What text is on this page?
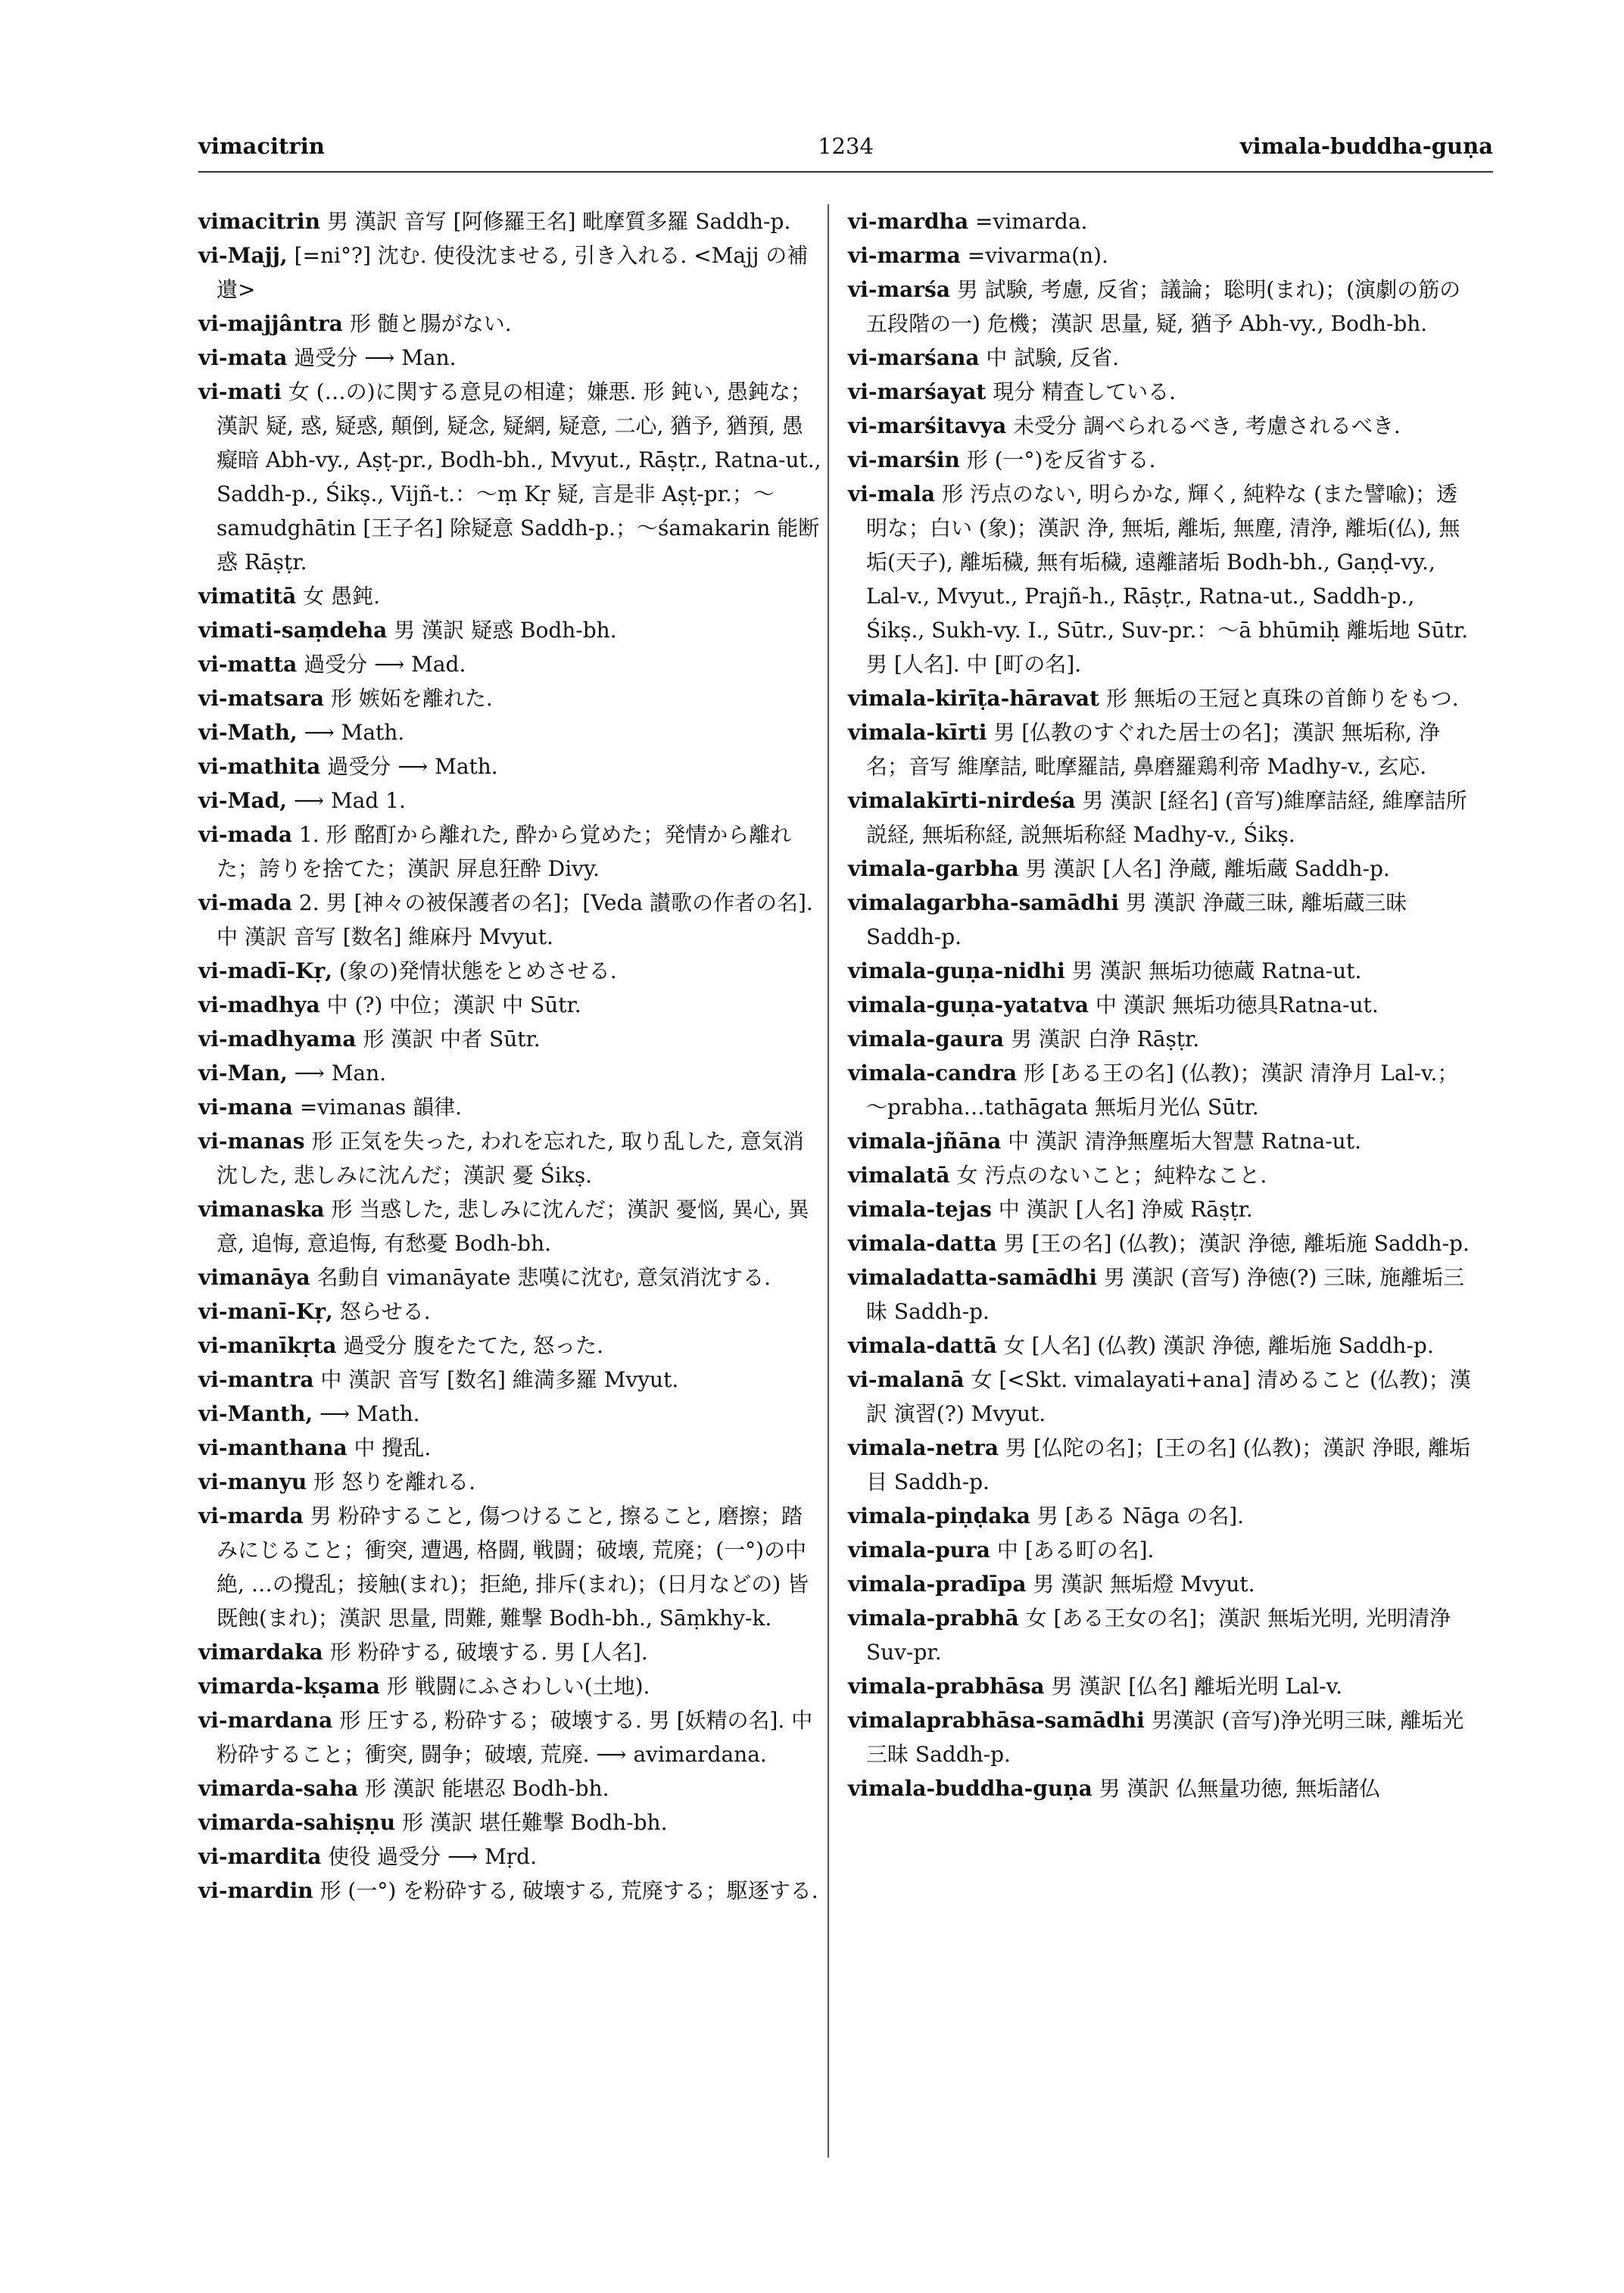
vimacitrin	1234	vimala-buddha-guṇa
vimacitrin 男 漢訳 音写 [阿修羅王名] 毗摩質多羅 Saddh-p.
vi-Majj, [=ni°?] 沈む. 使役沈ませる, 引き入れる. <Majj の補遺>
vi-majjântra 形 髄と腸がない.
vi-mata 過受分 ⟶ Man.
vi-mati 女 (…の)に関する意見の相違；嫌悪. 形 鈍い, 愚鈍な；漢訳 疑, 惑, 疑惑, 顛倒, 疑念, 疑網, 疑意, 二心, 猶予, 猶預, 愚癡暗 Abh-vy., Aṣṭ-pr., Bodh-bh., Mvyut., Rāṣṭr., Ratna-ut., Saddh-p., Śikṣ., Vijñ-t.：～ṃ Kṛ 疑, 言是非 Aṣṭ-pr.；～samudghātin [王子名] 除疑意 Saddh-p.；～śamakarin 能断惑 Rāṣṭr.
vimatitā 女 愚鈍.
vimati-saṃdeha 男 漢訳 疑惑 Bodh-bh.
vi-matta 過受分 ⟶ Mad.
vi-matsara 形 嫉妬を離れた.
vi-Math, ⟶ Math.
vi-mathita 過受分 ⟶ Math.
vi-Mad, ⟶ Mad 1.
vi-mada 1. 形 酩酊から離れた, 酔から覚めた；発情から離れた；誇りを捨てた；漢訳 屏息狂酔 Divy.
vi-mada 2. 男 [神々の被保護者の名]；[Veda 讃歌の作者の名]. 中 漢訳 音写 [数名] 維麻丹 Mvyut.
vi-madī-Kṛ, (象の)発情状態をとめさせる.
vi-madhya 中 (?) 中位；漢訳 中 Sūtr.
vi-madhyama 形 漢訳 中者 Sūtr.
vi-Man, ⟶ Man.
vi-mana =vimanas 韻律.
vi-manas 形 正気を失った, われを忘れた, 取り乱した, 意気消沈した, 悲しみに沈んだ；漢訳 憂 Śikṣ.
vimanaska 形 当惑した, 悲しみに沈んだ；漢訳 憂悩, 異心, 異意, 追悔, 意追悔, 有愁憂 Bodh-bh.
vimanāya 名動自 vimanāyate 悲嘆に沈む, 意気消沈する.
vi-manī-Kṛ, 怒らせる.
vi-manīkṛta 過受分 腹をたてた, 怒った.
vi-mantra 中 漢訳 音写 [数名] 維満多羅 Mvyut.
vi-Manth, ⟶ Math.
vi-manthana 中 攪乱.
vi-manyu 形 怒りを離れる.
vi-marda 男 粉砕すること, 傷つけること, 擦ること, 磨擦；踏みにじること；衝突, 遭遇, 格闘, 戦闘；破壊, 荒廃；(一°)の中絶, …の攪乱；接触(まれ)；拒絶, 排斥(まれ)；(日月などの) 皆既蝕(まれ)；漢訳 思量, 問難, 難撃 Bodh-bh., Sāṃkhy-k.
vimardaka 形 粉砕する, 破壊する. 男 [人名].
vimarda-kṣama 形 戦闘にふさわしい(土地).
vi-mardana 形 圧する, 粉砕する；破壊する. 男 [妖精の名]. 中 粉砕すること；衝突, 闘争；破壊, 荒廃. ⟶ avimardana.
vimarda-saha 形 漢訳 能堪忍 Bodh-bh.
vimarda-sahiṣṇu 形 漢訳 堪任難撃 Bodh-bh.
vi-mardita 使役 過受分 ⟶ Mṛd.
vi-mardin 形 (一°) を粉砕する, 破壊する, 荒廃する；駆逐する.
vi-mardha =vimarda.
vi-marma =vivarma(n).
vi-marśa 男 試験, 考慮, 反省；議論；聡明(まれ)；(演劇の筋の五段階の一) 危機；漢訳 思量, 疑, 猶予 Abh-vy., Bodh-bh.
vi-marśana 中 試験, 反省.
vi-marśayat 現分 精査している.
vi-marśitavya 未受分 調べられるべき, 考慮されるべき.
vi-marśin 形 (一°)を反省する.
vi-mala 形 汚点のない, 明らかな, 輝く, 純粋な (また譬喩)；透明な；白い (象)；漢訳 浄, 無垢, 離垢, 無塵, 清浄, 離垢(仏), 無垢(天子), 離垢穢, 無有垢穢, 遠離諸垢 Bodh-bh., Gaṇḍ-vy., Lal-v., Mvyut., Prajñ-h., Rāṣṭr., Ratna-ut., Saddh-p., Śikṣ., Sukh-vy. I., Sūtr., Suv-pr.：～ā bhūmiḥ 離垢地 Sūtr. 男 [人名]. 中 [町の名].
vimala-kirīṭa-hāravat 形 無垢の王冠と真珠の首飾りをもつ.
vimala-kīrti 男 [仏教のすぐれた居士の名]；漢訳 無垢称, 浄名；音写 維摩詰, 毗摩羅詰, 鼻磨羅鶏利帝 Madhy-v., 玄応.
vimalakīrti-nirdeśa 男 漢訳 [経名] (音写)維摩詰経, 維摩詰所説経, 無垢称経, 説無垢称経 Madhy-v., Śikṣ.
vimala-garbha 男 漢訳 [人名] 浄蔵, 離垢蔵 Saddh-p.
vimalagarbha-samādhi 男 漢訳 浄蔵三昧, 離垢蔵三昧 Saddh-p.
vimala-guṇa-nidhi 男 漢訳 無垢功徳蔵 Ratna-ut.
vimala-guṇa-yatatva 中 漢訳 無垢功徳具Ratna-ut.
vimala-gaura 男 漢訳 白浄 Rāṣṭr.
vimala-candra 形 [ある王の名] (仏教)；漢訳 清浄月 Lal-v.；～prabha…tathāgata 無垢月光仏 Sūtr.
vimala-jñāna 中 漢訳 清浄無塵垢大智慧 Ratna-ut.
vimalatā 女 汚点のないこと；純粋なこと.
vimala-tejas 中 漢訳 [人名] 浄威 Rāṣṭr.
vimala-datta 男 [王の名] (仏教)；漢訳 浄徳, 離垢施 Saddh-p.
vimaladatta-samādhi 男 漢訳 (音写) 浄徳(?) 三昧, 施離垢三昧 Saddh-p.
vimala-dattā 女 [人名] (仏教) 漢訳 浄徳, 離垢施 Saddh-p.
vi-malanā 女 [<Skt. vimalayati+ana] 清めること (仏教)；漢訳 演習(?) Mvyut.
vimala-netra 男 [仏陀の名]；[王の名] (仏教)；漢訳 浄眼, 離垢目 Saddh-p.
vimala-piṇḍaka 男 [ある Nāga の名].
vimala-pura 中 [ある町の名].
vimala-pradīpa 男 漢訳 無垢燈 Mvyut.
vimala-prabhā 女 [ある王女の名]；漢訳 無垢光明, 光明清浄 Suv-pr.
vimala-prabhāsa 男 漢訳 [仏名] 離垢光明 Lal-v.
vimalaprabhāsa-samādhi 男漢訳 (音写)浄光明三昧, 離垢光三昧 Saddh-p.
vimala-buddha-guṇa 男 漢訳 仏無量功徳, 無垢諸仏
